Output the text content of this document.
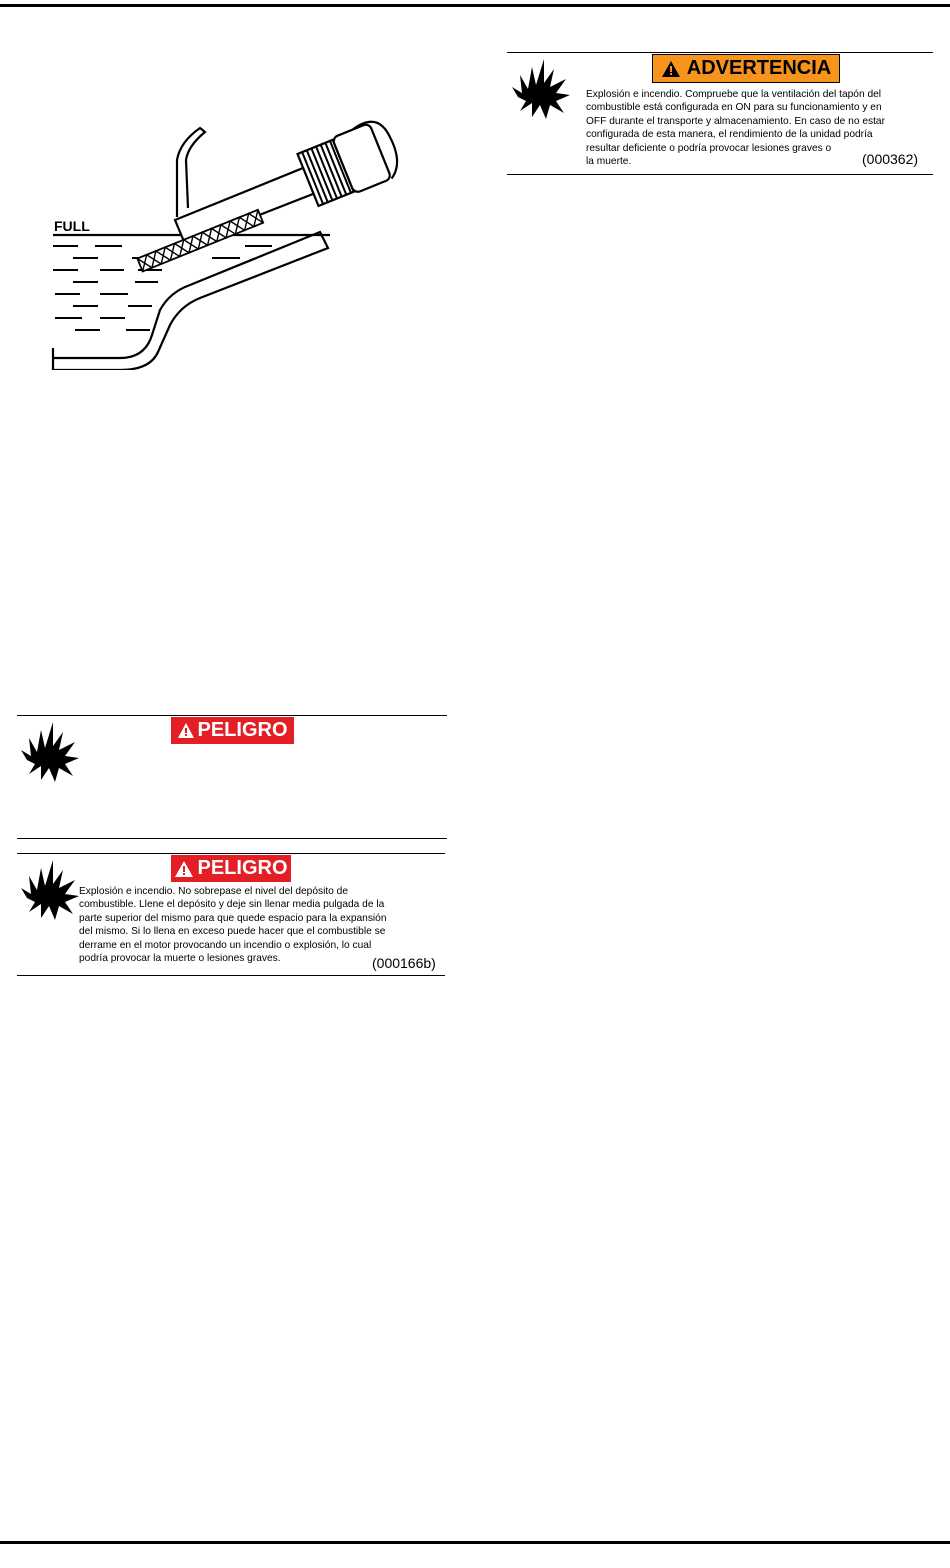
FULL
ADVERTENCIA
Explosión e incendio. Compruebe que la ventilación del tapón del
combustible está configurada en ON para su funcionamiento y en
OFF durante el transporte y almacenamiento. En caso de no estar
configurada de esta manera, el rendimiento de la unidad podría
resultar deficiente o podría provocar lesiones graves o
la muerte.	(000362)
PELIGRO
PELIGRO
Explosión e incendio. No sobrepase el nivel del depósito de
combustible. Llene el depósito y deje sin llenar media pulgada de la
parte superior del mismo para que quede espacio para la expansión
del mismo. Si lo llena en exceso puede hacer que el combustible se
derrame en el motor provocando un incendio o explosión, lo cual
podría provocar la muerte o lesiones graves.	(000166b)
